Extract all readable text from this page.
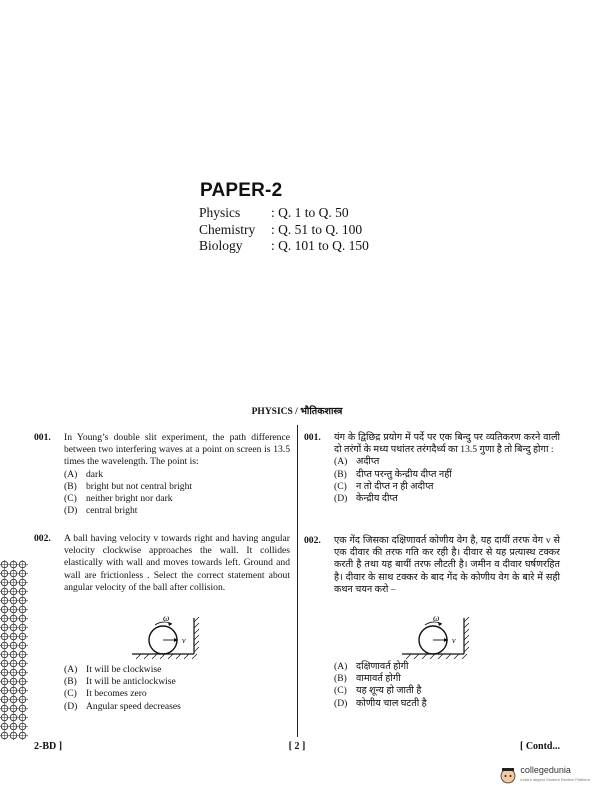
PAPER-2
Physics	: Q. 1 to Q. 50
Chemistry	: Q. 51 to Q. 100
Biology	: Q. 101 to Q. 150
PHYSICS / भौतिकशास्त्र
001.	In Young’s double slit experiment, the path difference between two interfering waves at a point on screen is 13.5 times the wavelength. The point is:
(A) dark
(B) bright but not central bright
(C) neither bright nor dark
(D) central bright
002.	A ball having velocity v towards right and having angular velocity clockwise approaches the wall. It collides elastically with wall and moves towards left. Ground and wall are frictionless . Select the correct statement about angular velocity of the ball after collision.
(A) It will be clockwise
(B) It will be anticlockwise
(C) It becomes zero
(D) Angular speed decreases
ω
v
001.	यंग के द्विछिद्र प्रयोग में पर्दे पर एक बिन्दु पर व्यतिकरण करने वाली दो तरंगों के मध्य पथांतर तरंगदैर्ध्य का 13.5 गुणा है तो बिन्दु होगा :
(A) अदीप्त
(B) दीप्त परन्तु केन्द्रीय दीप्त नहीं
(C) न तो दीप्त न ही अदीप्त
(D) केन्द्रीय दीप्त
002.	एक गेंद जिसका दक्षिणावर्त कोणीय वेग है, यह दायीं तरफ वेग v से एक दीवार की तरफ गति कर रही है। दीवार से यह प्रत्यास्थ टक्कर करती है तथा यह बायीं तरफ लौटती है। जमीन व दीवार घर्षणरहित है। दीवार के साथ टक्कर के बाद गेंद के कोणीय वेग के बारे में सही कथन चयन करो –
(A) दक्षिणावर्त होगी
(B) वामावर्त होगी
(C) यह शून्य हो जाती है
(D) कोणीय चाल घटती है
ω
v
2-BD ]	[ 2 ]	[ Contd...
collegedunia
India's largest Student Review Platform
